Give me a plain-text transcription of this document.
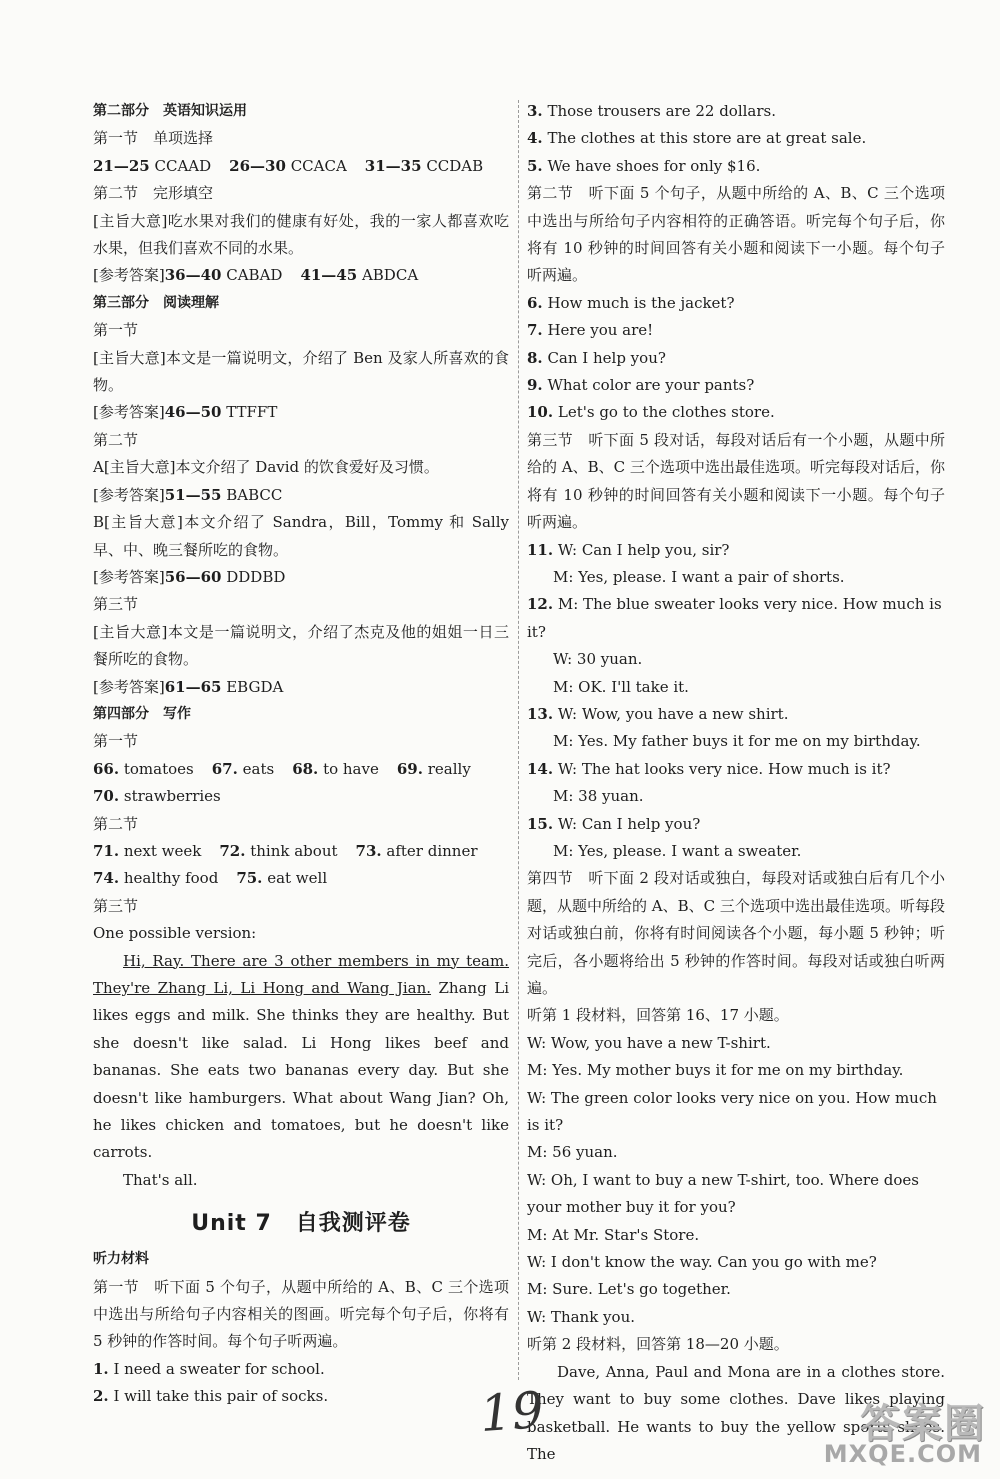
第二部分　英语知识运用

第一节　单项选择

21—25 CCAAD 26—30 CCACA 31—35 CCDAB

第二节　完形填空

[主旨大意]吃水果对我们的健康有好处，我的一家人都喜欢吃水果，但我们喜欢不同的水果。

[参考答案]36—40 CABAD 41—45 ABDCA

第三部分　阅读理解

第一节

[主旨大意]本文是一篇说明文，介绍了 Ben 及家人所喜欢的食物。

[参考答案]46—50 TTFFT

第二节

A[主旨大意]本文介绍了 David 的饮食爱好及习惯。

[参考答案]51—55 BABCC

B[主旨大意]本文介绍了 Sandra，Bill，Tommy 和 Sally 早、中、晚三餐所吃的食物。

[参考答案]56—60 DDDBD

第三节

[主旨大意]本文是一篇说明文，介绍了杰克及他的姐姐一日三餐所吃的食物。

[参考答案]61—65 EBGDA

第四部分　写作

第一节

66. tomatoes 67. eats 68. to have 69. really

70. strawberries

第二节

71. next week 72. think about 73. after dinner

74. healthy food 75. eat well

第三节

One possible version:

Hi, Ray. There are 3 other members in my team. They're Zhang Li, Li Hong and Wang Jian. Zhang Li likes eggs and milk. She thinks they are healthy. But she doesn't like salad. Li Hong likes beef and bananas. She eats two bananas every day. But she doesn't like hamburgers. What about Wang Jian? Oh, he likes chicken and tomatoes, but he doesn't like carrots.

That's all.

Unit 7 自我测评卷

听力材料

第一节　听下面 5 个句子，从题中所给的 A、B、C 三个选项中选出与所给句子内容相关的图画。听完每个句子后，你将有 5 秒钟的作答时间。每个句子听两遍。

1. I need a sweater for school.

2. I will take this pair of socks.

3. Those trousers are 22 dollars.

4. The clothes at this store are at great sale.

5. We have shoes for only $16.

第二节　听下面 5 个句子，从题中所给的 A、B、C 三个选项中选出与所给句子内容相符的正确答语。听完每个句子后，你将有 10 秒钟的时间回答有关小题和阅读下一小题。每个句子听两遍。

6. How much is the jacket?

7. Here you are!

8. Can I help you?

9. What color are your pants?

10. Let's go to the clothes store.

第三节　听下面 5 段对话，每段对话后有一个小题，从题中所给的 A、B、C 三个选项中选出最佳选项。听完每段对话后，你将有 10 秒钟的时间回答有关小题和阅读下一小题。每个句子听两遍。

11. W: Can I help you, sir?

M: Yes, please. I want a pair of shorts.

12. M: The blue sweater looks very nice. How much is it?

W: 30 yuan.

M: OK. I'll take it.

13. W: Wow, you have a new shirt.

M: Yes. My father buys it for me on my birthday.

14. W: The hat looks very nice. How much is it?

M: 38 yuan.

15. W: Can I help you?

M: Yes, please. I want a sweater.

第四节　听下面 2 段对话或独白，每段对话或独白后有几个小题，从题中所给的 A、B、C 三个选项中选出最佳选项。听每段对话或独白前，你将有时间阅读各个小题，每小题 5 秒钟；听完后，各小题将给出 5 秒钟的作答时间。每段对话或独白听两遍。

听第 1 段材料，回答第 16、17 小题。

W: Wow, you have a new T-shirt.

M: Yes. My mother buys it for me on my birthday.

W: The green color looks very nice on you. How much is it?

M: 56 yuan.

W: Oh, I want to buy a new T-shirt, too. Where does your mother buy it for you?

M: At Mr. Star's Store.

W: I don't know the way. Can you go with me?

M: Sure. Let's go together.

W: Thank you.

听第 2 段材料，回答第 18—20 小题。

Dave, Anna, Paul and Mona are in a clothes store. They want to buy some clothes. Dave likes playing basketball. He wants to buy the yellow sports shoes. The

19	答案圈
MXQE.COM
